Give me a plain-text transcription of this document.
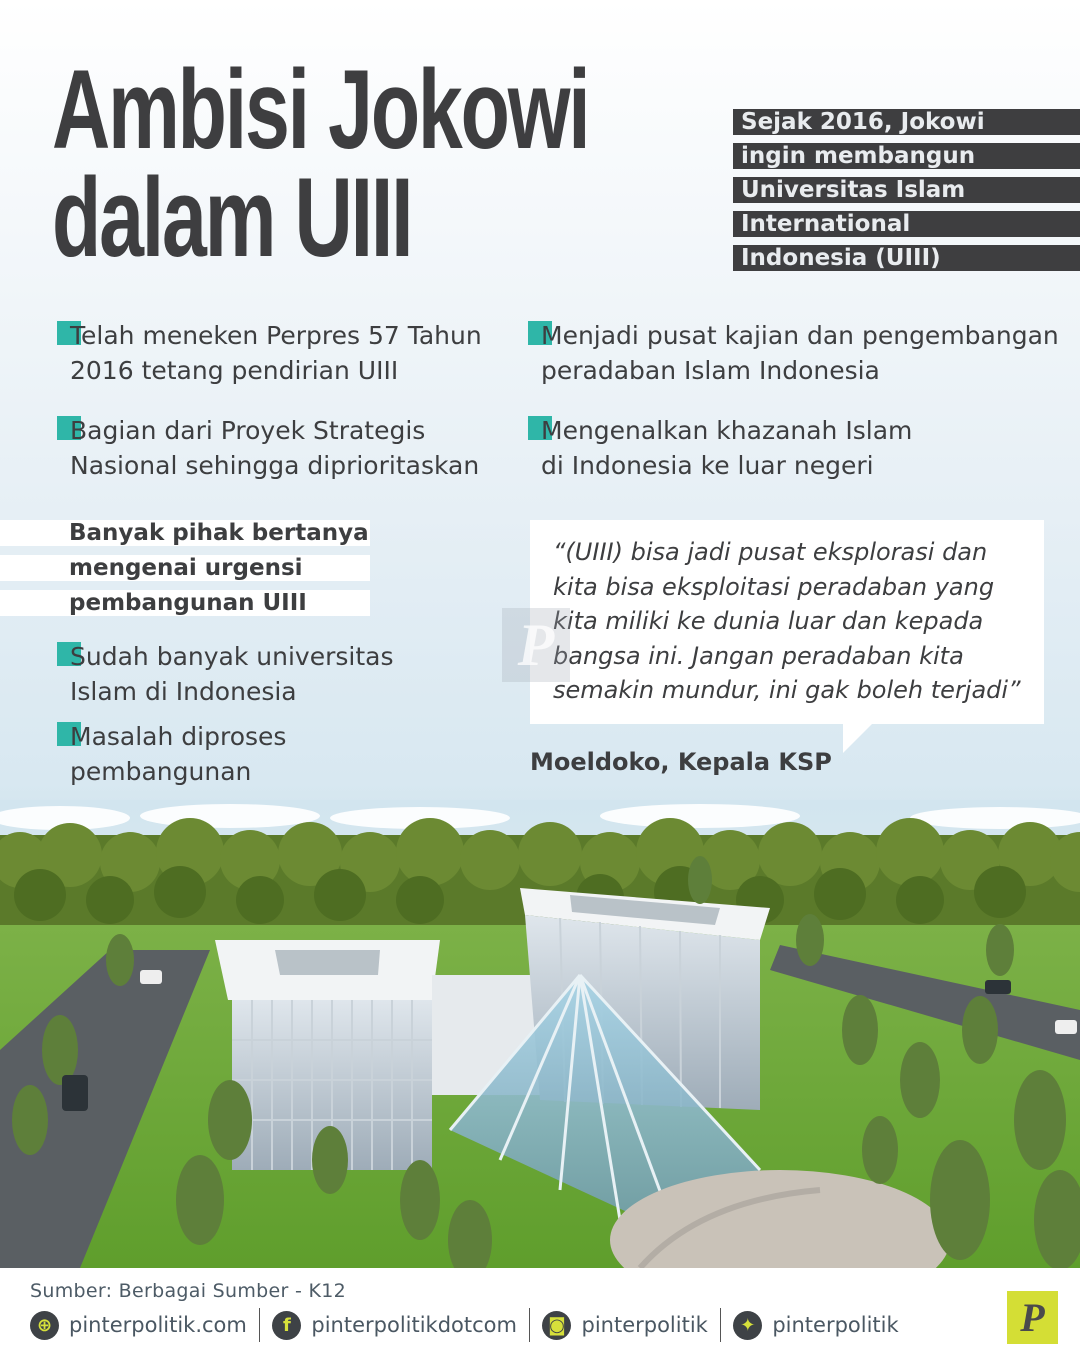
Ambisi Jokowi
dalam UIII
Sejak 2016, Jokowi
ingin membangun
Universitas Islam
International
Indonesia (UIII)
Telah meneken Perpres 57 Tahun
2016 tetang pendirian UIII
Bagian dari Proyek Strategis
Nasional sehingga diprioritaskan
Menjadi pusat kajian dan pengembangan
peradaban Islam Indonesia
Mengenalkan khazanah Islam
di Indonesia ke luar negeri
Banyak pihak bertanya
mengenai urgensi
pembangunan UIII
Sudah banyak universitas
Islam di Indonesia
Masalah diproses
pembangunan
“(UIII) bisa jadi pusat eksplorasi dan
kita bisa eksploitasi peradaban yang
kita miliki ke dunia luar dan kepada
bangsa ini. Jangan peradaban kita
semakin mundur, ini gak boleh terjadi”
P
Moeldoko, Kepala KSP
Sumber: Berbagai Sumber - K12
⊕ pinterpolitik.com	f pinterpolitikdotcom	◙ pinterpolitik	✦ pinterpolitik	P
